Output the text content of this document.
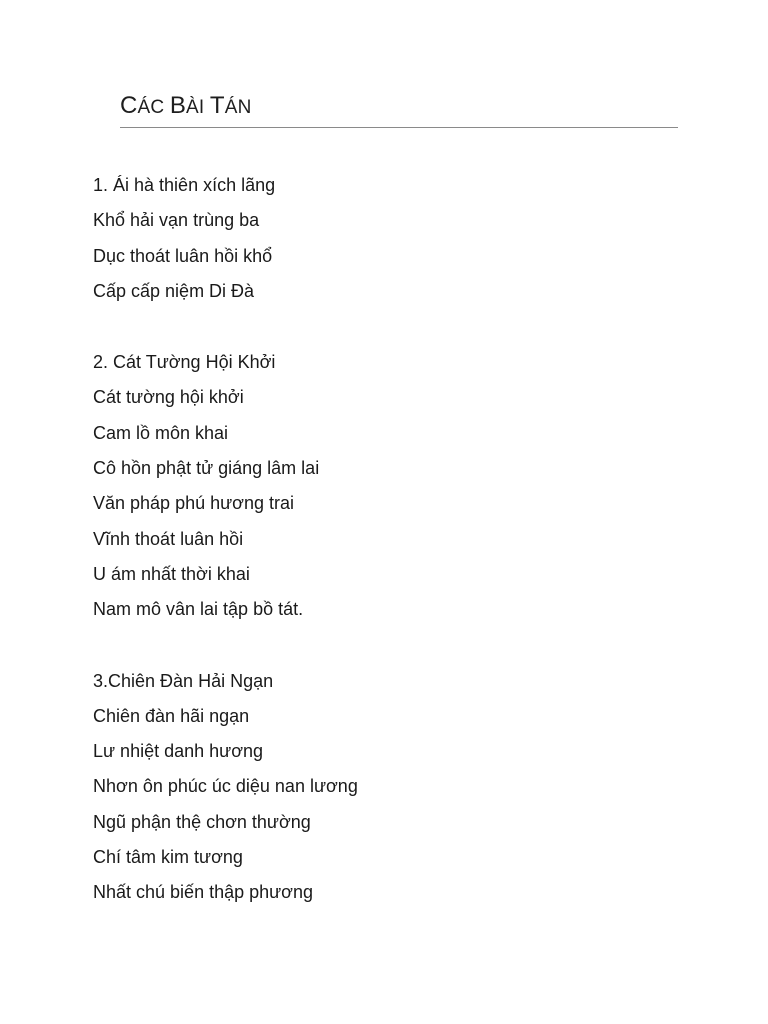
CÁC BÀI TÁN
1. Ái hà thiên xích lãng
Khổ hải vạn trùng ba
Dục thoát luân hồi khổ
Cấp cấp niệm Di Đà
2. Cát Tường Hội Khởi
Cát tường hội khởi
Cam lồ môn khai
Cô hồn phật tử giáng lâm lai
Văn pháp phú hương trai
Vĩnh thoát luân hồi
U ám nhất thời khai
Nam mô vân lai tập bồ tát.
3.Chiên Đàn Hải Ngạn
Chiên đàn hãi ngạn
Lư nhiệt danh hương
Nhơn ôn phúc úc diệu nan lương
Ngũ phận thệ chơn thường
Chí tâm kim tương
Nhất chú biến thập phương
